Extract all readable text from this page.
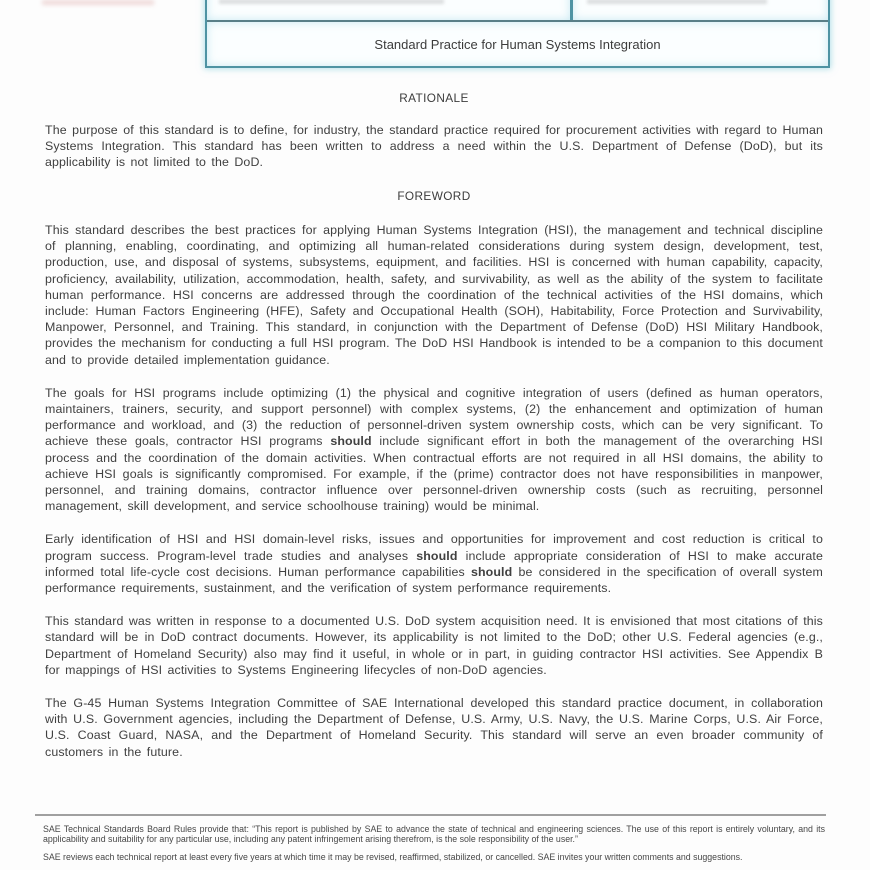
Standard Practice for Human Systems Integration
RATIONALE

The purpose of this standard is to define, for industry, the standard practice required for procurement activities with regard to Human Systems Integration. This standard has been written to address a need within the U.S. Department of Defense (DoD), but its applicability is not limited to the DoD.

FOREWORD

This standard describes the best practices for applying Human Systems Integration (HSI), the management and technical discipline of planning, enabling, coordinating, and optimizing all human-related considerations during system design, development, test, production, use, and disposal of systems, subsystems, equipment, and facilities. HSI is concerned with human capability, capacity, proficiency, availability, utilization, accommodation, health, safety, and survivability, as well as the ability of the system to facilitate human performance. HSI concerns are addressed through the coordination of the technical activities of the HSI domains, which include: Human Factors Engineering (HFE), Safety and Occupational Health (SOH), Habitability, Force Protection and Survivability, Manpower, Personnel, and Training. This standard, in conjunction with the Department of Defense (DoD) HSI Military Handbook, provides the mechanism for conducting a full HSI program. The DoD HSI Handbook is intended to be a companion to this document and to provide detailed implementation guidance.

The goals for HSI programs include optimizing (1) the physical and cognitive integration of users (defined as human operators, maintainers, trainers, security, and support personnel) with complex systems, (2) the enhancement and optimization of human performance and workload, and (3) the reduction of personnel-driven system ownership costs, which can be very significant. To achieve these goals, contractor HSI programs should include significant effort in both the management of the overarching HSI process and the coordination of the domain activities. When contractual efforts are not required in all HSI domains, the ability to achieve HSI goals is significantly compromised. For example, if the (prime) contractor does not have responsibilities in manpower, personnel, and training domains, contractor influence over personnel-driven ownership costs (such as recruiting, personnel management, skill development, and service schoolhouse training) would be minimal.

Early identification of HSI and HSI domain-level risks, issues and opportunities for improvement and cost reduction is critical to program success. Program-level trade studies and analyses should include appropriate consideration of HSI to make accurate informed total life-cycle cost decisions. Human performance capabilities should be considered in the specification of overall system performance requirements, sustainment, and the verification of system performance requirements.

This standard was written in response to a documented U.S. DoD system acquisition need. It is envisioned that most citations of this standard will be in DoD contract documents. However, its applicability is not limited to the DoD; other U.S. Federal agencies (e.g., Department of Homeland Security) also may find it useful, in whole or in part, in guiding contractor HSI activities. See Appendix B for mappings of HSI activities to Systems Engineering lifecycles of non-DoD agencies.

The G-45 Human Systems Integration Committee of SAE International developed this standard practice document, in collaboration with U.S. Government agencies, including the Department of Defense, U.S. Army, U.S. Navy, the U.S. Marine Corps, U.S. Air Force, U.S. Coast Guard, NASA, and the Department of Homeland Security. This standard will serve an even broader community of customers in the future.

SAE Technical Standards Board Rules provide that: “This report is published by SAE to advance the state of technical and engineering sciences. The use of this report is entirely voluntary, and its applicability and suitability for any particular use, including any patent infringement arising therefrom, is the sole responsibility of the user.”

SAE reviews each technical report at least every five years at which time it may be revised, reaffirmed, stabilized, or cancelled. SAE invites your written comments and suggestions.
